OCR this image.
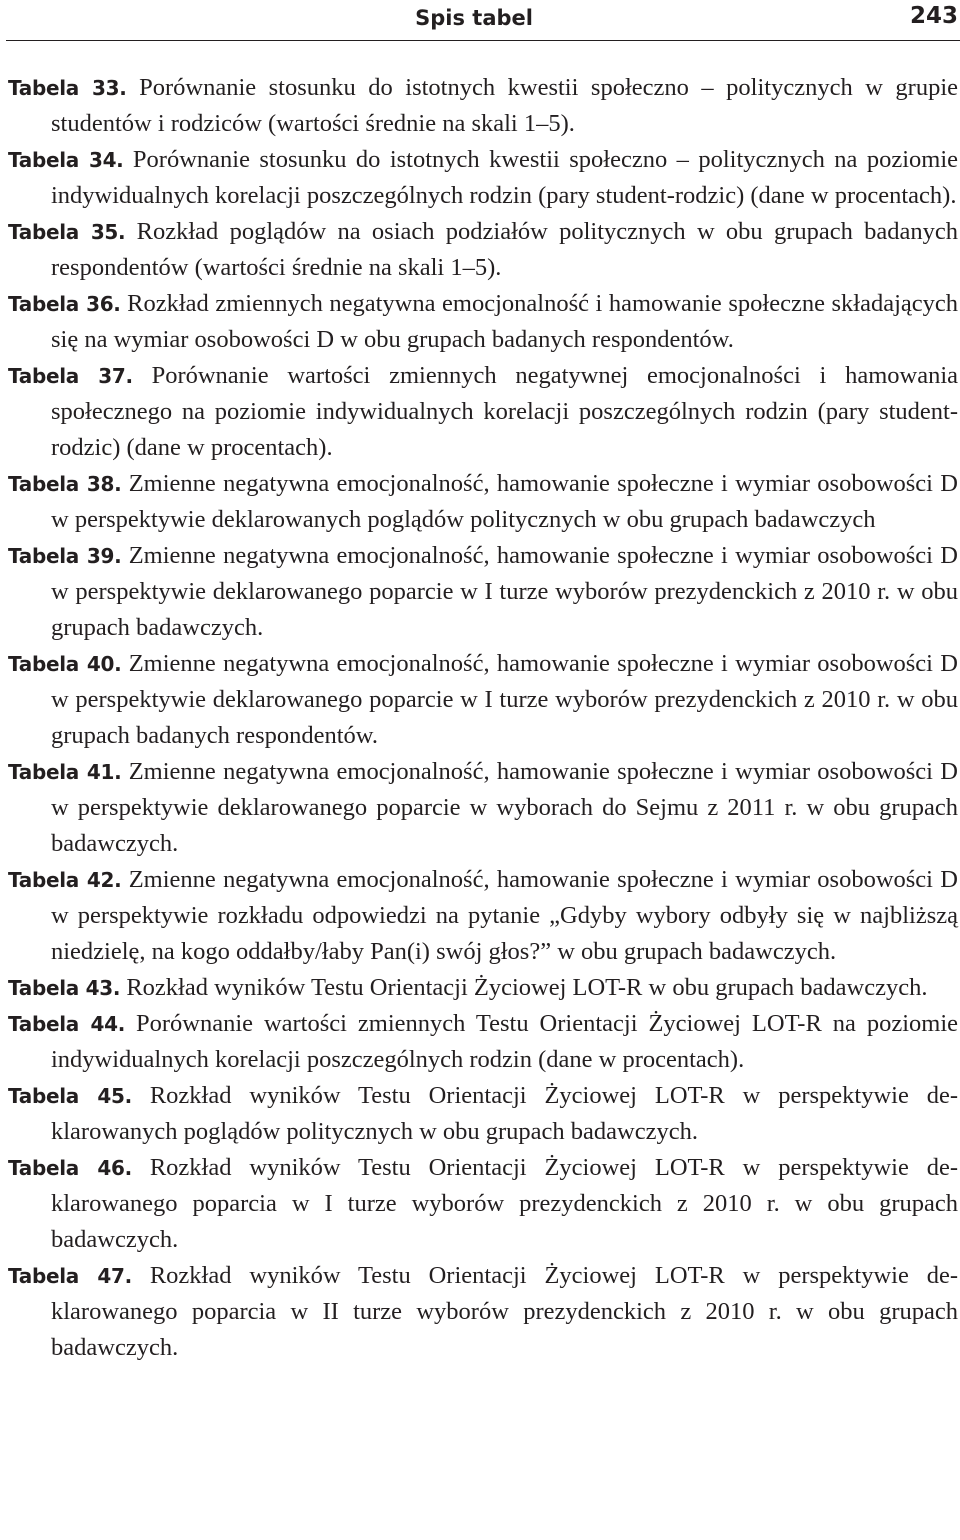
Spis tabel	243
Tabela 33. Porównanie stosunku do istotnych kwestii społeczno – politycznych w grupie studentów i rodziców (wartości średnie na skali 1–5).
Tabela 34. Porównanie stosunku do istotnych kwestii społeczno – politycznych na poziomie indywidualnych korelacji poszczególnych rodzin (pary student-rodzic) (dane w procentach).
Tabela 35. Rozkład poglądów na osiach podziałów politycznych w obu grupach badanych respondentów (wartości średnie na skali 1–5).
Tabela 36. Rozkład zmiennych negatywna emocjonalność i hamowanie społeczne składających się na wymiar osobowości D w obu grupach badanych respondentów.
Tabela 37. Porównanie wartości zmiennych negatywnej emocjonalności i hamowania społecznego na poziomie indywidualnych korelacji poszczególnych rodzin (pary student-rodzic) (dane w procentach).
Tabela 38. Zmienne negatywna emocjonalność, hamowanie społeczne i wymiar osobowości D w perspektywie deklarowanych poglądów politycznych w obu grupach badawczych
Tabela 39. Zmienne negatywna emocjonalność, hamowanie społeczne i wymiar osobowości D w perspektywie deklarowanego poparcie w I turze wyborów prezydenckich z 2010 r. w obu grupach badawczych.
Tabela 40. Zmienne negatywna emocjonalność, hamowanie społeczne i wymiar osobowości D w perspektywie deklarowanego poparcie w I turze wyborów prezydenckich z 2010 r. w obu grupach badanych respondentów.
Tabela 41. Zmienne negatywna emocjonalność, hamowanie społeczne i wymiar osobowości D w perspektywie deklarowanego poparcie w wyborach do Sejmu z 2011 r. w obu grupach badawczych.
Tabela 42. Zmienne negatywna emocjonalność, hamowanie społeczne i wymiar osobowości D w perspektywie rozkładu odpowiedzi na pytanie „Gdyby wybory odbyły się w najbliższą niedzielę, na kogo oddałby/łaby Pan(i) swój głos?” w obu grupach badawczych.
Tabela 43. Rozkład wyników Testu Orientacji Życiowej LOT-R w obu grupach badawczych.
Tabela 44. Porównanie wartości zmiennych Testu Orientacji Życiowej LOT-R na poziomie indywidualnych korelacji poszczególnych rodzin (dane w procentach).
Tabela 45. Rozkład wyników Testu Orientacji Życiowej LOT-R w perspektywie deklarowanych poglądów politycznych w obu grupach badawczych.
Tabela 46. Rozkład wyników Testu Orientacji Życiowej LOT-R w perspektywie deklarowanego poparcia w I turze wyborów prezydenckich z 2010 r. w obu grupach badawczych.
Tabela 47. Rozkład wyników Testu Orientacji Życiowej LOT-R w perspektywie deklarowanego poparcia w II turze wyborów prezydenckich z 2010 r. w obu grupach badawczych.
